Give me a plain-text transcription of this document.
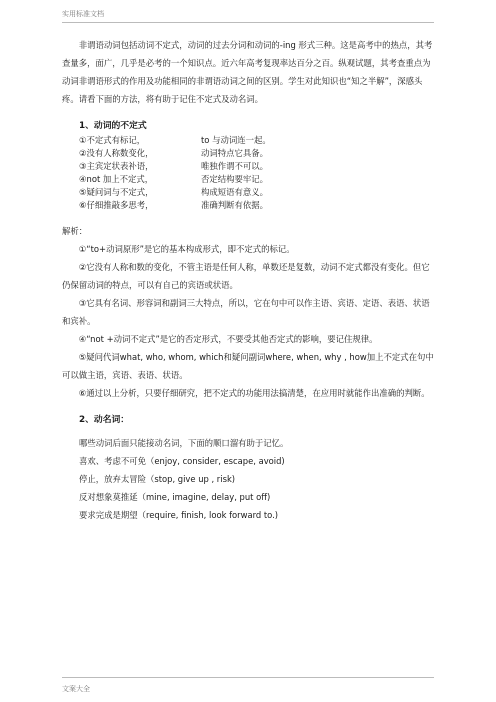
实用标准文档

非谓语动词包括动词不定式，动词的过去分词和动词的-ing 形式三种。这是高考中的热点，其考查量多，面广，几乎是必考的一个知识点。近六年高考复现率达百分之百。纵观试题，其考查重点为动词非谓语形式的作用及功能相同的非谓语动词之间的区别。学生对此知识也“知之半解”，深感头疼。请看下面的方法，将有助于记住不定式及动名词。

1、动词的不定式

①不定式有标记，	to 与动词连一起。

②没有人称数变化，	动词特点它具备。

③主宾定状表补语，	唯独作谓不可以。

④not 加上不定式，	否定结构要牢记。

⑤疑问词与不定式，	构成短语有意义。

⑥仔细推敲多思考，	准确判断有依据。

解析：

①“to+动词原形”是它的基本构成形式，即不定式的标记。

②它没有人称和数的变化，不管主语是任何人称，单数还是复数，动词不定式都没有变化。但它仍保留动词的特点，可以有自己的宾语或状语。

③它具有名词、形容词和副词三大特点，所以，它在句中可以作主语、宾语、定语、表语、状语和宾补。

④“not +动词不定式”是它的否定形式，不要受其他否定式的影响，要记住规律。

⑤疑问代词what, who, whom, which和疑问副词where, when, why , how加上不定式在句中可以做主语，宾语、表语、状语。

⑥通过以上分析，只要仔细研究，把不定式的功能用法搞清楚，在应用时就能作出准确的判断。

2、动名词：

哪些动词后面只能接动名词，下面的顺口溜有助于记忆。

喜欢、考虑不可免（enjoy, consider, escape, avoid)

停止，放弃太冒险（stop, give up , risk)

反对想象莫推延（mine, imagine, delay, put off)

要求完成是期望（require, finish, look forward to.)

文案大全
